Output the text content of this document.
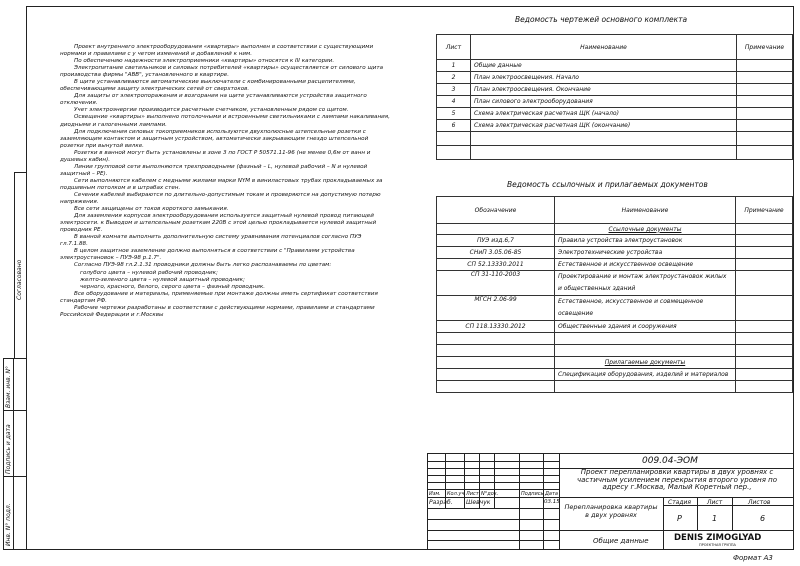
Согласовано
Взам. инв. N°
Подпись и дата
Инв. N° подл.

Проект внутреннего электрооборудования «квартиры» выполнен в соответствии с существующими нормами и правилами с у четом изменений и добавлений к ним.

По обеспечению надежности электроприемники «квартиры» относятся к III категории.

Электропитание светильников и силовых потребителей «квартиры» осуществляется от силового щита производства фирмы "АВВ", установленного в квартире.

В щите устанавливаются автоматические выключатели с комбинированными расцепителями, обеспечивающими защиту электрических сетей от сверхтоков.

Для защиты от электропоражения и возгорания на щите устанавливаются устройства защитного отключения.

Учет электроэнергии производится расчетным счетчиком, установленным рядом со щитом.

Освещение «квартиры» выполнено потолочными и встроенными светильниками с лампами накаливания, диодными и галогенными лампами.

Для подключения силовых токоприемников используются двухполюсные штепсельные розетки с заземляющим контактом и защитным устройством, автоматически закрывающим гнездо штепсельной розетки при вынутой вилке.

Розетки в ванной могут быть установлены в зоне 3 по ГОСТ Р 50571.11-96 (не менее 0,6м от ванн и душевых кабин).

Линии групповой сети выполняются трехпроводными (фазный – L, нулевой рабочий – N и нулевой защитный – PE).

Сети выполняются кабелем с медными жилами марки NYM в виниластовых трубах прокладываемых за подшивным потолком и в штрабах стен.

Сечения кабелей выбираются по длительно-допустимым токам и проверяются на допустимую потерю напряжения.

Все сети защищены от токов короткого замыкания.

Для заземления корпусов электрооборудования используется защитный нулевой провод питающей электросети. к Выводом и штепсельным розеткам 220В с этой целью прокладывается нулевой защитный проводник PE.

В ванной комнате выполнить дополнительную систему уравнивания потенциалов согласно ПУЭ гл.7.1.88.

В целом защитное заземление должно выполняться в соответствии с "Правилами устройства электроустановок – ПУЭ-98 р.1.7".

Согласно ПУЭ-98 гл.2.1.31 проводники должны быть легко распознаваемы по цветам:

голубого цвета – нулевой рабочий проводник;

желто-зеленого цвета – нулевой защитный проводник;

черного, красного, белого, серого цвета – фазный проводник.

Все оборудование и материалы, применяемые при монтаже должны иметь сертификат соответствия стандартам РФ.

Рабочие чертежи разработаны в соответствии с действующими нормами, правилами и стандартами Российской Федерации и г.Москвы

Ведомость чертежей основного комплекта
Лист	Наименование	Примечание
1	Общие данные	
2	План электроосвещения. Начало	
3	План электроосвещения. Окончание	
4	План силового электрооборудования	
5	Схема электрическая расчетная ЩК (начало)	
6	Схема электрическая расчетная ЩК (окончание)	

Ведомость ссылочных и прилагаемых документов
Обозначение	Наименование	Примечание
	Ссылочные документы	
ПУЭ изд.6,7	Правила устройства электроустановок	
СНиП 3.05.06-85	Электротехнические устройства	
СП 52.13330.2011	Естественное и искусственное освещение	
СП 31-110-2003	Проектирование и монтаж электроустановок жилых
и общественных зданий	
МГСН 2.06-99	Естественное, искусственное и совмещенное
освещение	
СП 118.13330.2012	Общественные здания и сооружения	

	Прилагаемые документы	
	Спецификация оборудования, изделий и материалов	

009.04-ЭОМ
Проект перепланировки квартиры в двух уровнях с частичным усилением перекрытия второго уровня по адресу г.Москва, Малый Коретный пер.,
Изм. Кол.уч Лист N°док.	Подпись Дата
Разраб. Шевчук	03.15
Перепланировка квартиры в двух уровнях
Общие данные
Стадия	Лист	Листов
Р	1	6
DENIS ZIMOGLYAD
ПРОЕКТНАЯ ГРУППА
Формат А3
